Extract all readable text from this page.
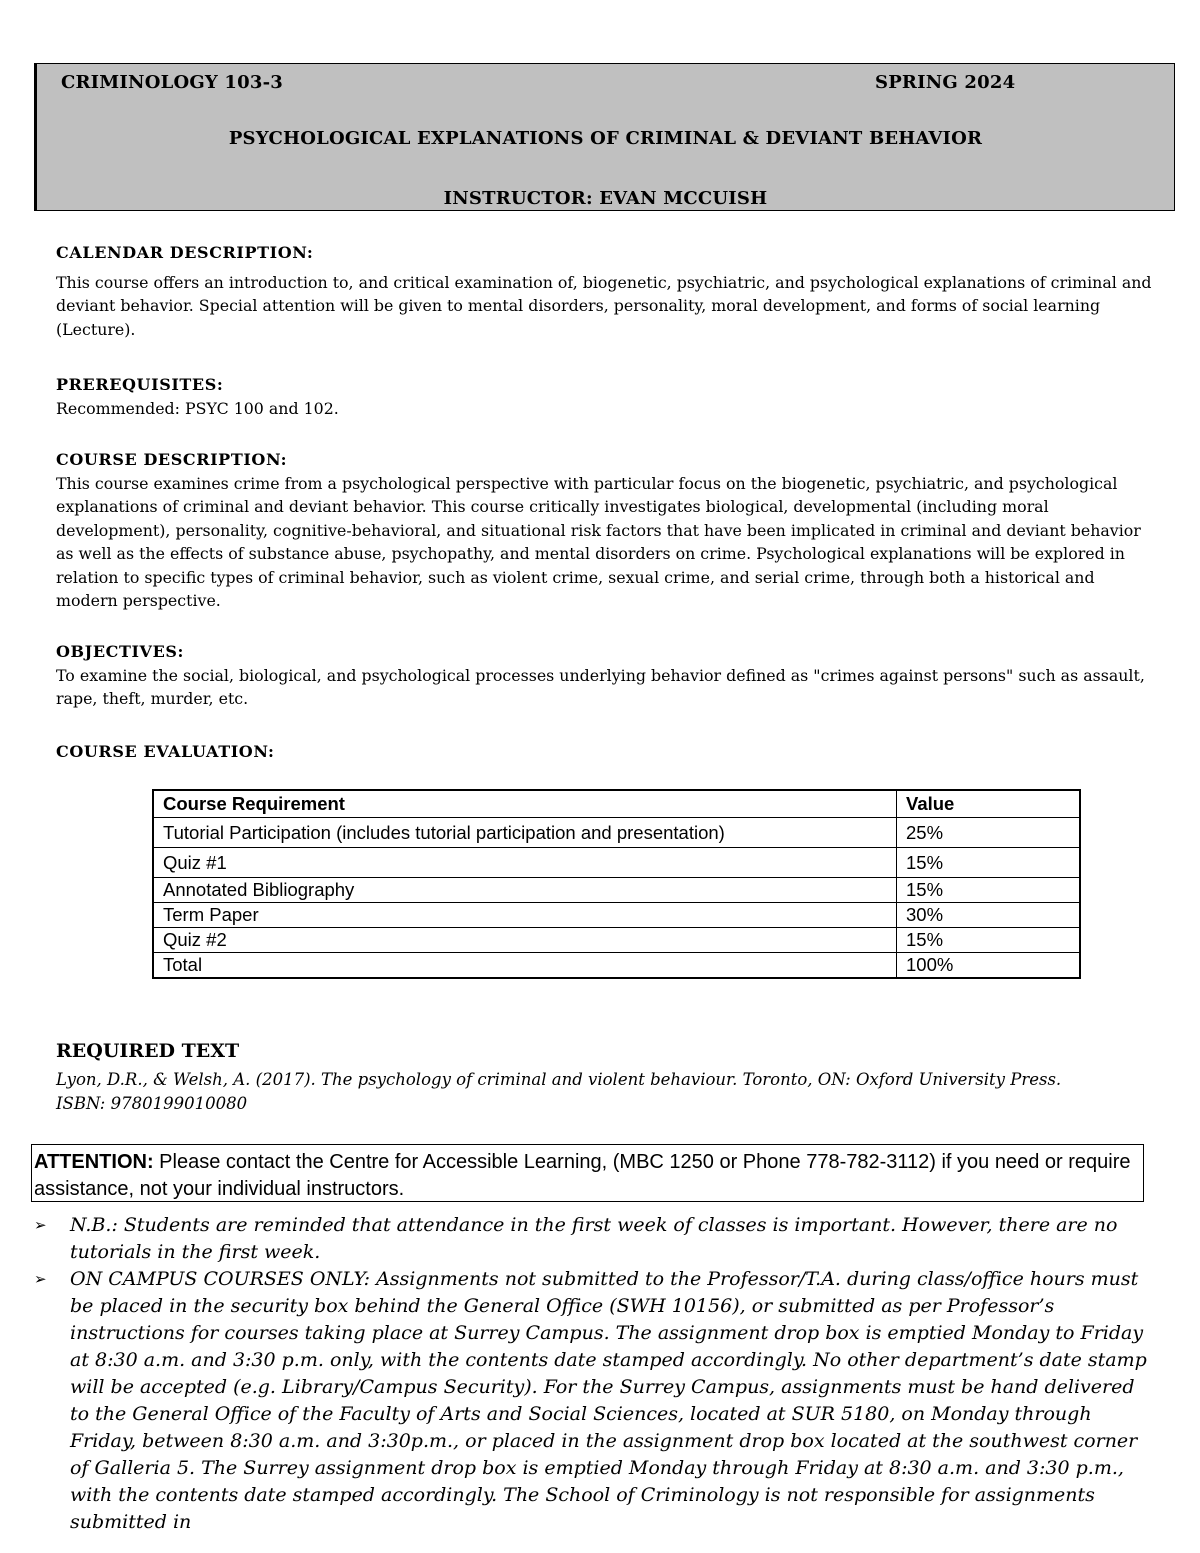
CRIMINOLOGY 103-3	SPRING 2024
PSYCHOLOGICAL EXPLANATIONS OF CRIMINAL & DEVIANT BEHAVIOR
INSTRUCTOR: EVAN MCCUISH
CALENDAR DESCRIPTION:

This course offers an introduction to, and critical examination of, biogenetic, psychiatric, and psychological explanations of criminal and deviant behavior. Special attention will be given to mental disorders, personality, moral development, and forms of social learning (Lecture).

PREREQUISITES:

Recommended: PSYC 100 and 102.

COURSE DESCRIPTION:

This course examines crime from a psychological perspective with particular focus on the biogenetic, psychiatric, and psychological explanations of criminal and deviant behavior. This course critically investigates biological, developmental (including moral development), personality, cognitive-behavioral, and situational risk factors that have been implicated in criminal and deviant behavior as well as the effects of substance abuse, psychopathy, and mental disorders on crime. Psychological explanations will be explored in relation to specific types of criminal behavior, such as violent crime, sexual crime, and serial crime, through both a historical and modern perspective.

OBJECTIVES:

To examine the social, biological, and psychological processes underlying behavior defined as "crimes against persons" such as assault, rape, theft, murder, etc.

COURSE EVALUATION:
Course Requirement	Value
Tutorial Participation (includes tutorial participation and presentation)	25%
Quiz #1	15%
Annotated Bibliography	15%
Term Paper	30%
Quiz #2	15%
Total	100%
REQUIRED TEXT
Lyon, D.R., & Welsh, A. (2017). The psychology of criminal and violent behaviour. Toronto, ON: Oxford University Press.
ISBN: 9780199010080
ATTENTION: Please contact the Centre for Accessible Learning, (MBC 1250 or Phone 778-782-3112) if you need or require assistance, not your individual instructors.

➢ N.B.: Students are reminded that attendance in the first week of classes is important. However, there are no tutorials in the first week.

➢ ON CAMPUS COURSES ONLY: Assignments not submitted to the Professor/T.A. during class/office hours must be placed in the security box behind the General Office (SWH 10156), or submitted as per Professor’s instructions for courses taking place at Surrey Campus. The assignment drop box is emptied Monday to Friday at 8:30 a.m. and 3:30 p.m. only, with the contents date stamped accordingly. No other department’s date stamp will be accepted (e.g. Library/Campus Security). For the Surrey Campus, assignments must be hand delivered to the General Office of the Faculty of Arts and Social Sciences, located at SUR 5180, on Monday through Friday, between 8:30 a.m. and 3:30p.m., or placed in the assignment drop box located at the southwest corner of Galleria 5. The Surrey assignment drop box is emptied Monday through Friday at 8:30 a.m. and 3:30 p.m., with the contents date stamped accordingly. The School of Criminology is not responsible for assignments submitted in
